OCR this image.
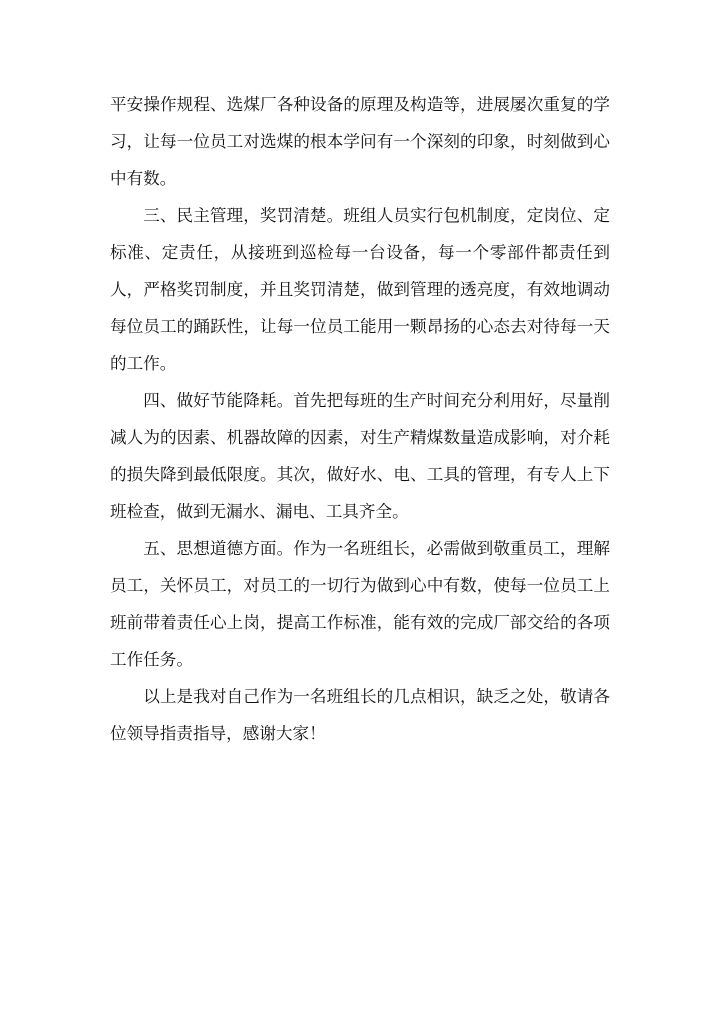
平安操作规程、选煤厂各种设备的原理及构造等，进展屡次重复的学习，让每一位员工对选煤的根本学问有一个深刻的印象，时刻做到心中有数。

三、民主管理，奖罚清楚。班组人员实行包机制度，定岗位、定标准、定责任，从接班到巡检每一台设备，每一个零部件都责任到人，严格奖罚制度，并且奖罚清楚，做到管理的透亮度，有效地调动每位员工的踊跃性，让每一位员工能用一颗昂扬的心态去对待每一天的工作。

四、做好节能降耗。首先把每班的生产时间充分利用好，尽量削减人为的因素、机器故障的因素，对生产精煤数量造成影响，对介耗的损失降到最低限度。其次，做好水、电、工具的管理，有专人上下班检查，做到无漏水、漏电、工具齐全。

五、思想道德方面。作为一名班组长，必需做到敬重员工，理解员工，关怀员工，对员工的一切行为做到心中有数，使每一位员工上班前带着责任心上岗，提高工作标准，能有效的完成厂部交给的各项工作任务。

以上是我对自己作为一名班组长的几点相识，缺乏之处，敬请各位领导指责指导，感谢大家！
